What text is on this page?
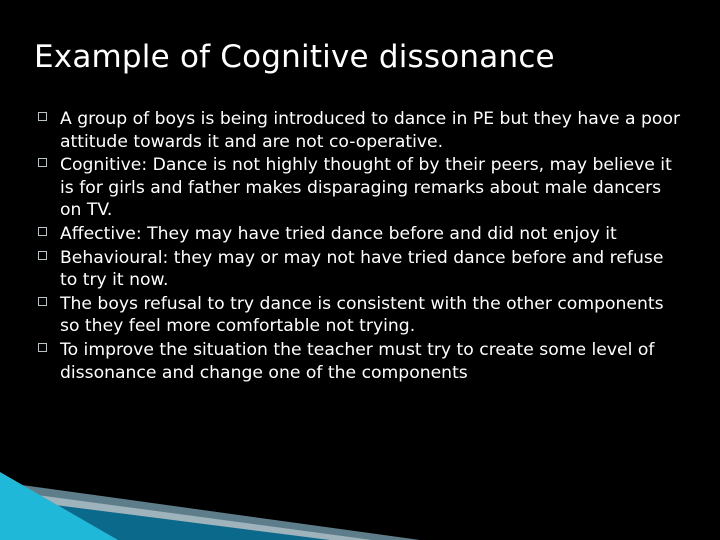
Example of Cognitive dissonance
A group of boys is being introduced to dance in PE but they have a poor attitude towards it and are not co-operative.
Cognitive: Dance is not highly thought of by their peers, may believe it is for girls and father makes disparaging remarks about male dancers on TV.
Affective: They may have tried dance before and did not enjoy it
Behavioural: they may or may not have tried dance before and refuse to try it now.
The boys refusal to try dance is consistent with the other components so they feel more comfortable not trying.
To improve the situation the teacher must try to create some level of dissonance and change one of the components
